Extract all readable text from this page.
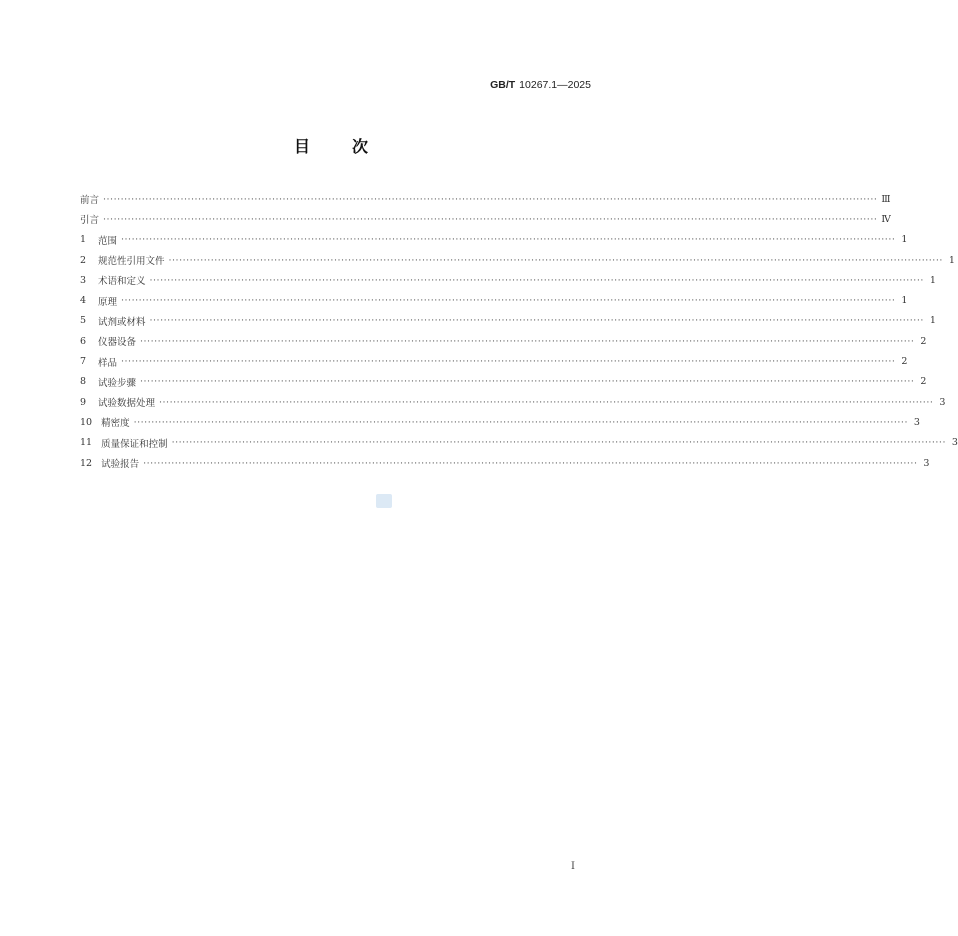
GB/T 10267.1—2025
目	次
前言 ···························································································································································································································· Ⅲ
引言 ···························································································································································································································· Ⅳ
1	范围 ···························································································································································································································· 1
2	规范性引用文件 ···························································································································································································································· 1
3	术语和定义 ···························································································································································································································· 1
4	原理 ···························································································································································································································· 1
5	试剂或材料 ···························································································································································································································· 1
6	仪器设备 ···························································································································································································································· 2
7	样品 ···························································································································································································································· 2
8	试验步骤 ···························································································································································································································· 2
9	试验数据处理 ···························································································································································································································· 3
10 精密度 ···························································································································································································································· 3
11 质量保证和控制 ···························································································································································································································· 3
12 试验报告 ···························································································································································································································· 3
I
